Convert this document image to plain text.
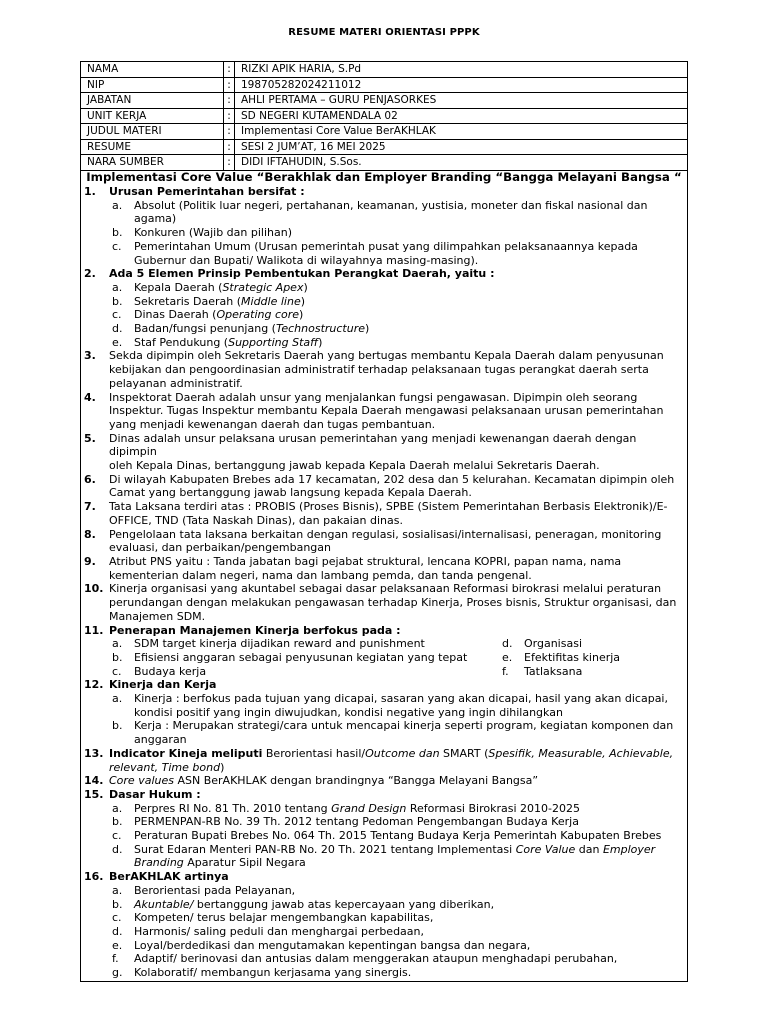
RESUME MATERI ORIENTASI PPPK
NAMA	:	RIZKI APIK HARIA, S.Pd
NIP	:	198705282024211012
JABATAN	:	AHLI PERTAMA – GURU PENJASORKES
UNIT KERJA	:	SD NEGERI KUTAMENDALA 02
JUDUL MATERI	:	Implementasi Core Value BerAKHLAK
RESUME	:	SESI 2 JUM’AT, 16 MEI 2025
NARA SUMBER	:	DIDI IFTAHUDIN, S.Sos.
Implementasi Core Value “Berakhlak dan Employer Branding “Bangga Melayani Bangsa “
1.	Urusan Pemerintahan bersifat :
a.	Absolut (Politik luar negeri, pertahanan, keamanan, yustisia, moneter dan fiskal nasional dan
agama)
b.	Konkuren (Wajib dan pilihan)
c.	Pemerintahan Umum (Urusan pemerintah pusat yang dilimpahkan pelaksanaannya kepada
Gubernur dan Bupati/ Walikota di wilayahnya masing-masing).
2.	Ada 5 Elemen Prinsip Pembentukan Perangkat Daerah, yaitu :
a.	Kepala Daerah (Strategic Apex)
b.	Sekretaris Daerah (Middle line)
c.	Dinas Daerah (Operating core)
d.	Badan/fungsi penunjang (Technostructure)
e.	Staf Pendukung (Supporting Staff)
3.	Sekda dipimpin oleh Sekretaris Daerah yang bertugas membantu Kepala Daerah dalam penyusunan
kebijakan dan pengoordinasian administratif terhadap pelaksanaan tugas perangkat daerah serta
pelayanan administratif.
4.	Inspektorat Daerah adalah unsur yang menjalankan fungsi pengawasan. Dipimpin oleh seorang
Inspektur. Tugas Inspektur membantu Kepala Daerah mengawasi pelaksanaan urusan pemerintahan
yang menjadi kewenangan daerah dan tugas pembantuan.
5.	Dinas adalah unsur pelaksana urusan pemerintahan yang menjadi kewenangan daerah dengan dipimpin
oleh Kepala Dinas, bertanggung jawab kepada Kepala Daerah melalui Sekretaris Daerah.
6.	Di wilayah Kabupaten Brebes ada 17 kecamatan, 202 desa dan 5 kelurahan. Kecamatan dipimpin oleh
Camat yang bertanggung jawab langsung kepada Kepala Daerah.
7.	Tata Laksana terdiri atas : PROBIS (Proses Bisnis), SPBE (Sistem Pemerintahan Berbasis Elektronik)/E-
OFFICE, TND (Tata Naskah Dinas), dan pakaian dinas.
8.	Pengelolaan tata laksana berkaitan dengan regulasi, sosialisasi/internalisasi, peneragan, monitoring
evaluasi, dan perbaikan/pengembangan
9.	Atribut PNS yaitu : Tanda jabatan bagi pejabat struktural, lencana KOPRI, papan nama, nama
kementerian dalam negeri, nama dan lambang pemda, dan tanda pengenal.
10. Kinerja organisasi yang akuntabel sebagai dasar pelaksanaan Reformasi birokrasi melalui peraturan
perundangan dengan melakukan pengawasan terhadap Kinerja, Proses bisnis, Struktur organisasi, dan
Manajemen SDM.
11. Penerapan Manajemen Kinerja berfokus pada :
a.	SDM target kinerja dijadikan reward and punishment	d.	Organisasi
b.	Efisiensi anggaran sebagai penyusunan kegiatan yang tepat	e.	Efektifitas kinerja
c.	Budaya kerja	f.	Tatlaksana
12. Kinerja dan Kerja
a.	Kinerja : berfokus pada tujuan yang dicapai, sasaran yang akan dicapai, hasil yang akan dicapai,
kondisi positif yang ingin diwujudkan, kondisi negative yang ingin dihilangkan
b.	Kerja : Merupakan strategi/cara untuk mencapai kinerja seperti program, kegiatan komponen dan
anggaran
13. Indicator Kineja meliputi Berorientasi hasil/Outcome dan SMART (Spesifik, Measurable, Achievable,
relevant, Time bond)
14. Core values ASN BerAKHLAK dengan brandingnya “Bangga Melayani Bangsa”
15. Dasar Hukum :
a.	Perpres RI No. 81 Th. 2010 tentang Grand Design Reformasi Birokrasi 2010-2025
b.	PERMENPAN-RB No. 39 Th. 2012 tentang Pedoman Pengembangan Budaya Kerja
c.	Peraturan Bupati Brebes No. 064 Th. 2015 Tentang Budaya Kerja Pemerintah Kabupaten Brebes
d.	Surat Edaran Menteri PAN-RB No. 20 Th. 2021 tentang Implementasi Core Value dan Employer
Branding Aparatur Sipil Negara
16. BerAKHLAK artinya
a.	Berorientasi pada Pelayanan,
b.	Akuntable/ bertanggung jawab atas kepercayaan yang diberikan,
c.	Kompeten/ terus belajar mengembangkan kapabilitas,
d.	Harmonis/ saling peduli dan menghargai perbedaan,
e.	Loyal/berdedikasi dan mengutamakan kepentingan bangsa dan negara,
f.	Adaptif/ berinovasi dan antusias dalam menggerakan ataupun menghadapi perubahan,
g.	Kolaboratif/ membangun kerjasama yang sinergis.
